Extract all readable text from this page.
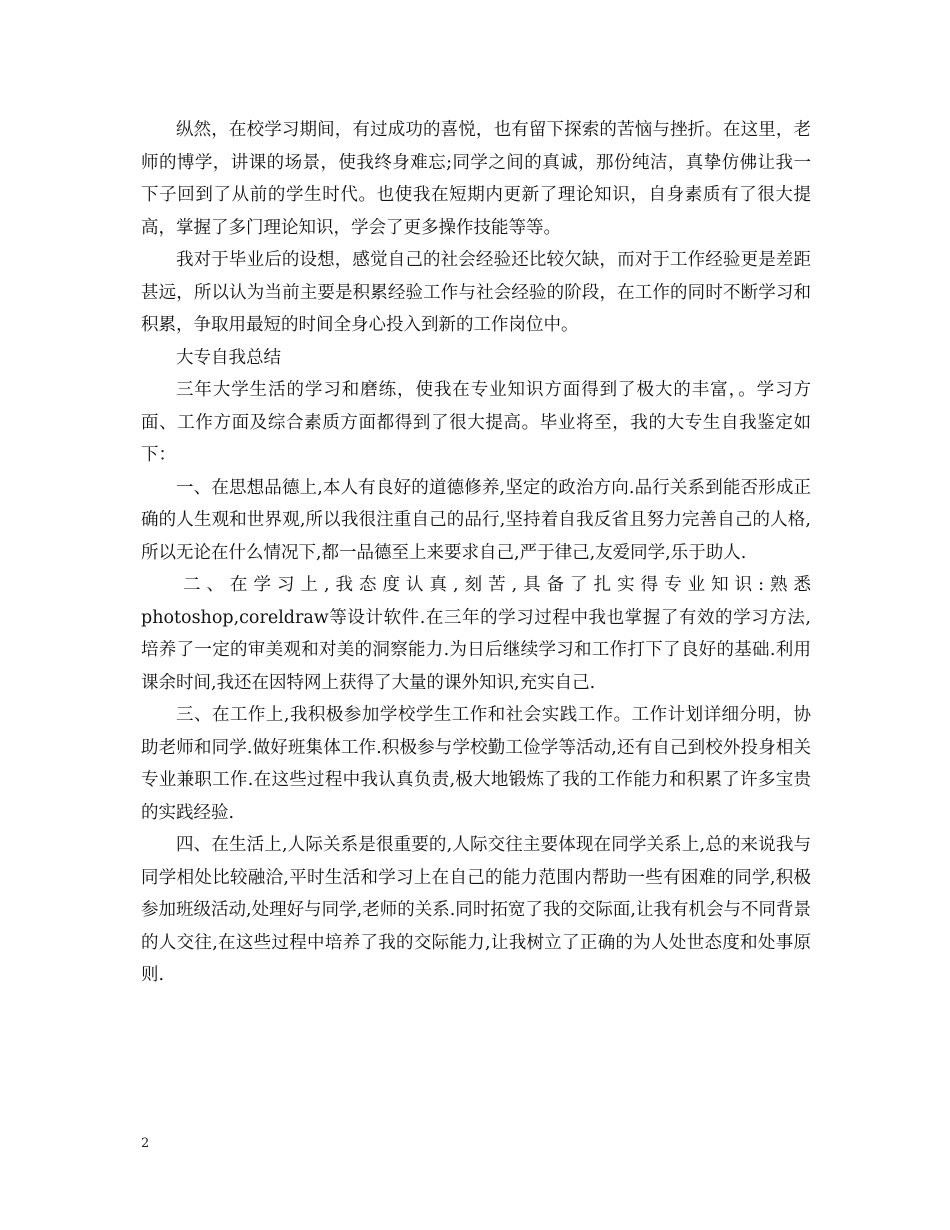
纵然，在校学习期间，有过成功的喜悦，也有留下探索的苦恼与挫折。在这里，老师的博学，讲课的场景，使我终身难忘;同学之间的真诚，那份纯洁，真挚仿佛让我一下子回到了从前的学生时代。也使我在短期内更新了理论知识，自身素质有了很大提高，掌握了多门理论知识，学会了更多操作技能等等。

我对于毕业后的设想，感觉自己的社会经验还比较欠缺，而对于工作经验更是差距甚远，所以认为当前主要是积累经验工作与社会经验的阶段，在工作的同时不断学习和积累，争取用最短的时间全身心投入到新的工作岗位中。

大专自我总结

三年大学生活的学习和磨练，使我在专业知识方面得到了极大的丰富，。学习方面、工作方面及综合素质方面都得到了很大提高。毕业将至，我的大专生自我鉴定如下：

一、在思想品德上,本人有良好的道德修养,坚定的政治方向.品行关系到能否形成正确的人生观和世界观,所以我很注重自己的品行,坚持着自我反省且努力完善自己的人格,所以无论在什么情况下,都一品德至上来要求自己,严于律己,友爱同学,乐于助人.

二、在学习上,我态度认真,刻苦,具备了扎实得专业知识:熟悉photoshop,coreldraw等设计软件.在三年的学习过程中我也掌握了有效的学习方法,培养了一定的审美观和对美的洞察能力.为日后继续学习和工作打下了良好的基础.利用课余时间,我还在因特网上获得了大量的课外知识,充实自己.

三、在工作上,我积极参加学校学生工作和社会实践工作。工作计划详细分明，协助老师和同学.做好班集体工作.积极参与学校勤工俭学等活动,还有自己到校外投身相关专业兼职工作.在这些过程中我认真负责,极大地锻炼了我的工作能力和积累了许多宝贵的实践经验.

四、在生活上,人际关系是很重要的,人际交往主要体现在同学关系上,总的来说我与同学相处比较融洽,平时生活和学习上在自己的能力范围内帮助一些有困难的同学,积极参加班级活动,处理好与同学,老师的关系.同时拓宽了我的交际面,让我有机会与不同背景的人交往,在这些过程中培养了我的交际能力,让我树立了正确的为人处世态度和处事原则.

2
